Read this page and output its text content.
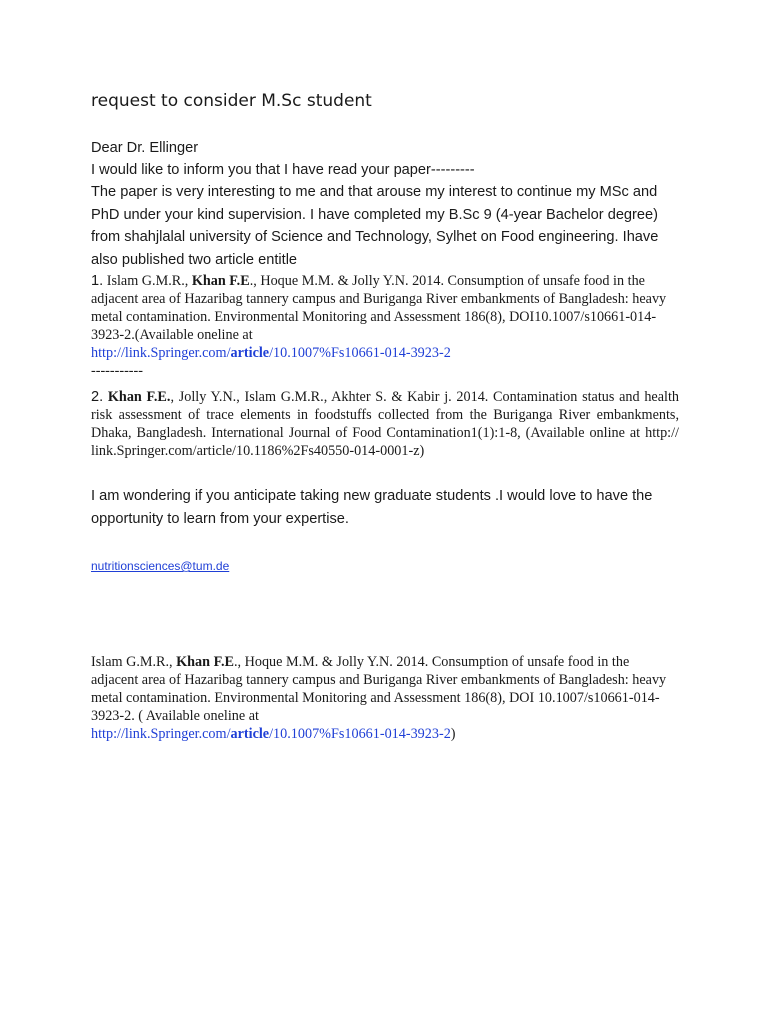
request to consider M.Sc student

Dear Dr. Ellinger

I would like to inform you that I have read your paper---------

The paper is very interesting to me and that arouse my interest to continue my MSc and PhD under your kind supervision. I have completed my B.Sc 9 (4-year Bachelor degree) from shahjlalal university of Science and Technology, Sylhet on Food engineering. Ihave also published two article entitle

1. Islam G.M.R., Khan F.E., Hoque M.M. & Jolly Y.N. 2014. Consumption of unsafe food in the adjacent area of Hazaribag tannery campus and Buriganga River embankments of Bangladesh: heavy metal contamination. Environmental Monitoring and Assessment 186(8), DOI10.1007/s10661-014-3923-2.(Available oneline at
http://link.Springer.com/article/10.1007%Fs10661-014-3923-2
-----------
2. Khan F.E., Jolly Y.N., Islam G.M.R., Akhter S. & Kabir j. 2014. Contamination status and health risk assessment of trace elements in foodstuffs collected from the Buriganga River embankments, Dhaka, Bangladesh. International Journal of Food Contamination1(1):1-8, (Available online at http:// link.Springer.com/article/10.1186%2Fs40550-014-0001-z)

I am wondering if you anticipate taking new graduate students .I would love to have the opportunity to learn from your expertise.

nutritionsciences@tum.de
Islam G.M.R., Khan F.E., Hoque M.M. & Jolly Y.N. 2014. Consumption of unsafe food in the adjacent area of Hazaribag tannery campus and Buriganga River embankments of Bangladesh: heavy metal contamination. Environmental Monitoring and Assessment 186(8), DOI 10.1007/s10661-014-3923-2. ( Available oneline at
http://link.Springer.com/article/10.1007%Fs10661-014-3923-2)
